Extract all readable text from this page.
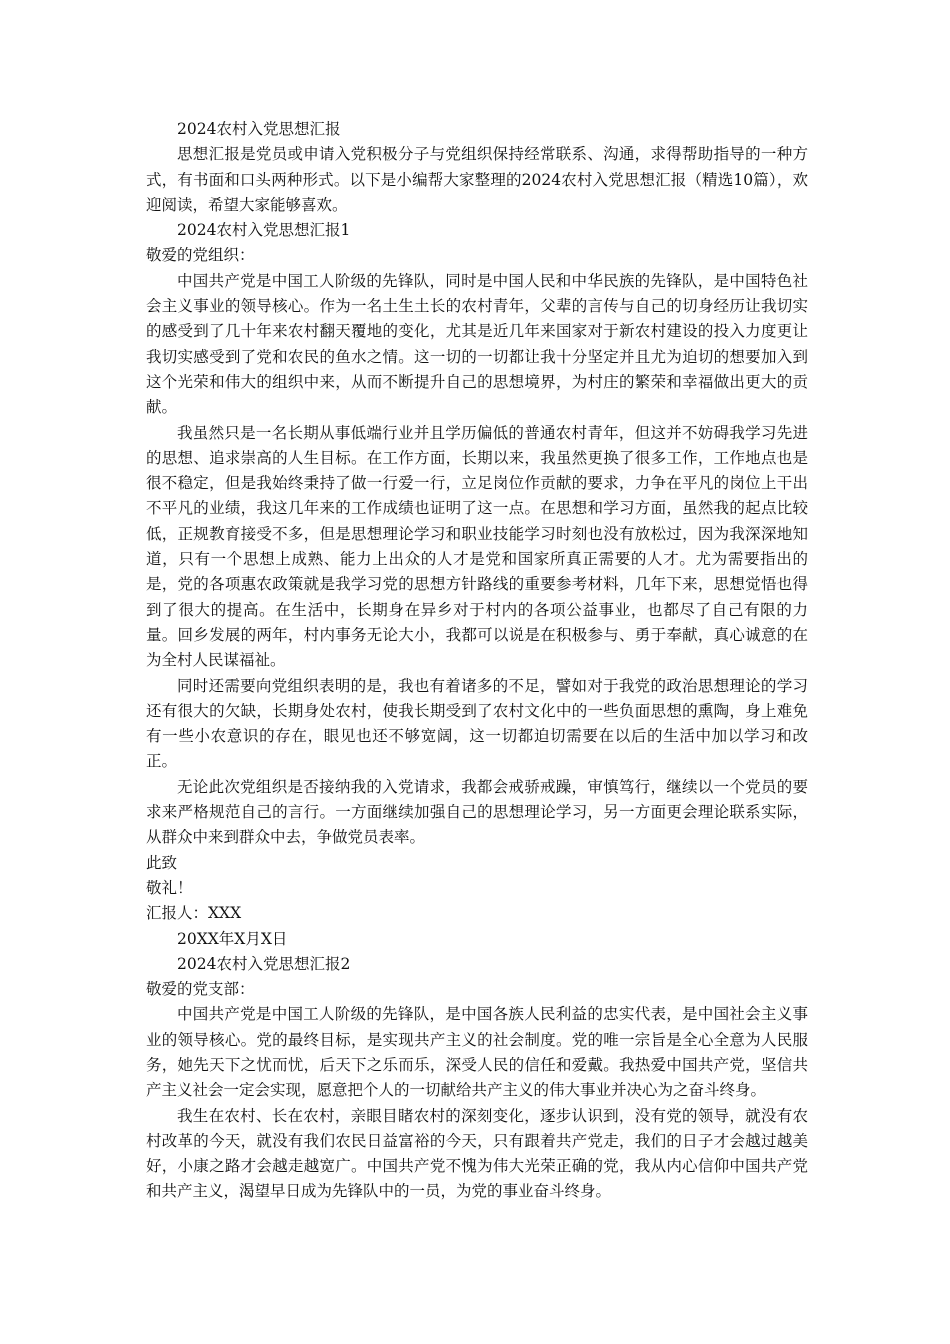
2024农村入党思想汇报

思想汇报是党员或申请入党积极分子与党组织保持经常联系、沟通，求得帮助指导的一种方式，有书面和口头两种形式。以下是小编帮大家整理的2024农村入党思想汇报（精选10篇），欢迎阅读，希望大家能够喜欢。

2024农村入党思想汇报1

敬爱的党组织：

中国共产党是中国工人阶级的先锋队，同时是中国人民和中华民族的先锋队，是中国特色社会主义事业的领导核心。作为一名土生土长的农村青年，父辈的言传与自己的切身经历让我切实的感受到了几十年来农村翻天覆地的变化，尤其是近几年来国家对于新农村建设的投入力度更让我切实感受到了党和农民的鱼水之情。这一切的一切都让我十分坚定并且尤为迫切的想要加入到这个光荣和伟大的组织中来，从而不断提升自己的思想境界，为村庄的繁荣和幸福做出更大的贡献。

我虽然只是一名长期从事低端行业并且学历偏低的普通农村青年，但这并不妨碍我学习先进的思想、追求崇高的人生目标。在工作方面，长期以来，我虽然更换了很多工作，工作地点也是很不稳定，但是我始终秉持了做一行爱一行，立足岗位作贡献的要求，力争在平凡的岗位上干出不平凡的业绩，我这几年来的工作成绩也证明了这一点。在思想和学习方面，虽然我的起点比较低，正规教育接受不多，但是思想理论学习和职业技能学习时刻也没有放松过，因为我深深地知道，只有一个思想上成熟、能力上出众的人才是党和国家所真正需要的人才。尤为需要指出的是，党的各项惠农政策就是我学习党的思想方针路线的重要参考材料，几年下来，思想觉悟也得到了很大的提高。在生活中，长期身在异乡对于村内的各项公益事业，也都尽了自己有限的力量。回乡发展的两年，村内事务无论大小，我都可以说是在积极参与、勇于奉献，真心诚意的在为全村人民谋福祉。

同时还需要向党组织表明的是，我也有着诸多的不足，譬如对于我党的政治思想理论的学习还有很大的欠缺，长期身处农村，使我长期受到了农村文化中的一些负面思想的熏陶，身上难免有一些小农意识的存在，眼见也还不够宽阔，这一切都迫切需要在以后的生活中加以学习和改正。

无论此次党组织是否接纳我的入党请求，我都会戒骄戒躁，审慎笃行，继续以一个党员的要求来严格规范自己的言行。一方面继续加强自己的思想理论学习，另一方面更会理论联系实际，从群众中来到群众中去，争做党员表率。

此致

敬礼！

汇报人：XXX

20XX年X月X日

2024农村入党思想汇报2

敬爱的党支部：

中国共产党是中国工人阶级的先锋队，是中国各族人民利益的忠实代表，是中国社会主义事业的领导核心。党的最终目标，是实现共产主义的社会制度。党的唯一宗旨是全心全意为人民服务，她先天下之忧而忧，后天下之乐而乐，深受人民的信任和爱戴。我热爱中国共产党，坚信共产主义社会一定会实现，愿意把个人的一切献给共产主义的伟大事业并决心为之奋斗终身。

我生在农村、长在农村，亲眼目睹农村的深刻变化，逐步认识到，没有党的领导，就没有农村改革的今天，就没有我们农民日益富裕的今天，只有跟着共产党走，我们的日子才会越过越美好，小康之路才会越走越宽广。中国共产党不愧为伟大光荣正确的党，我从内心信仰中国共产党和共产主义，渴望早日成为先锋队中的一员，为党的事业奋斗终身。
